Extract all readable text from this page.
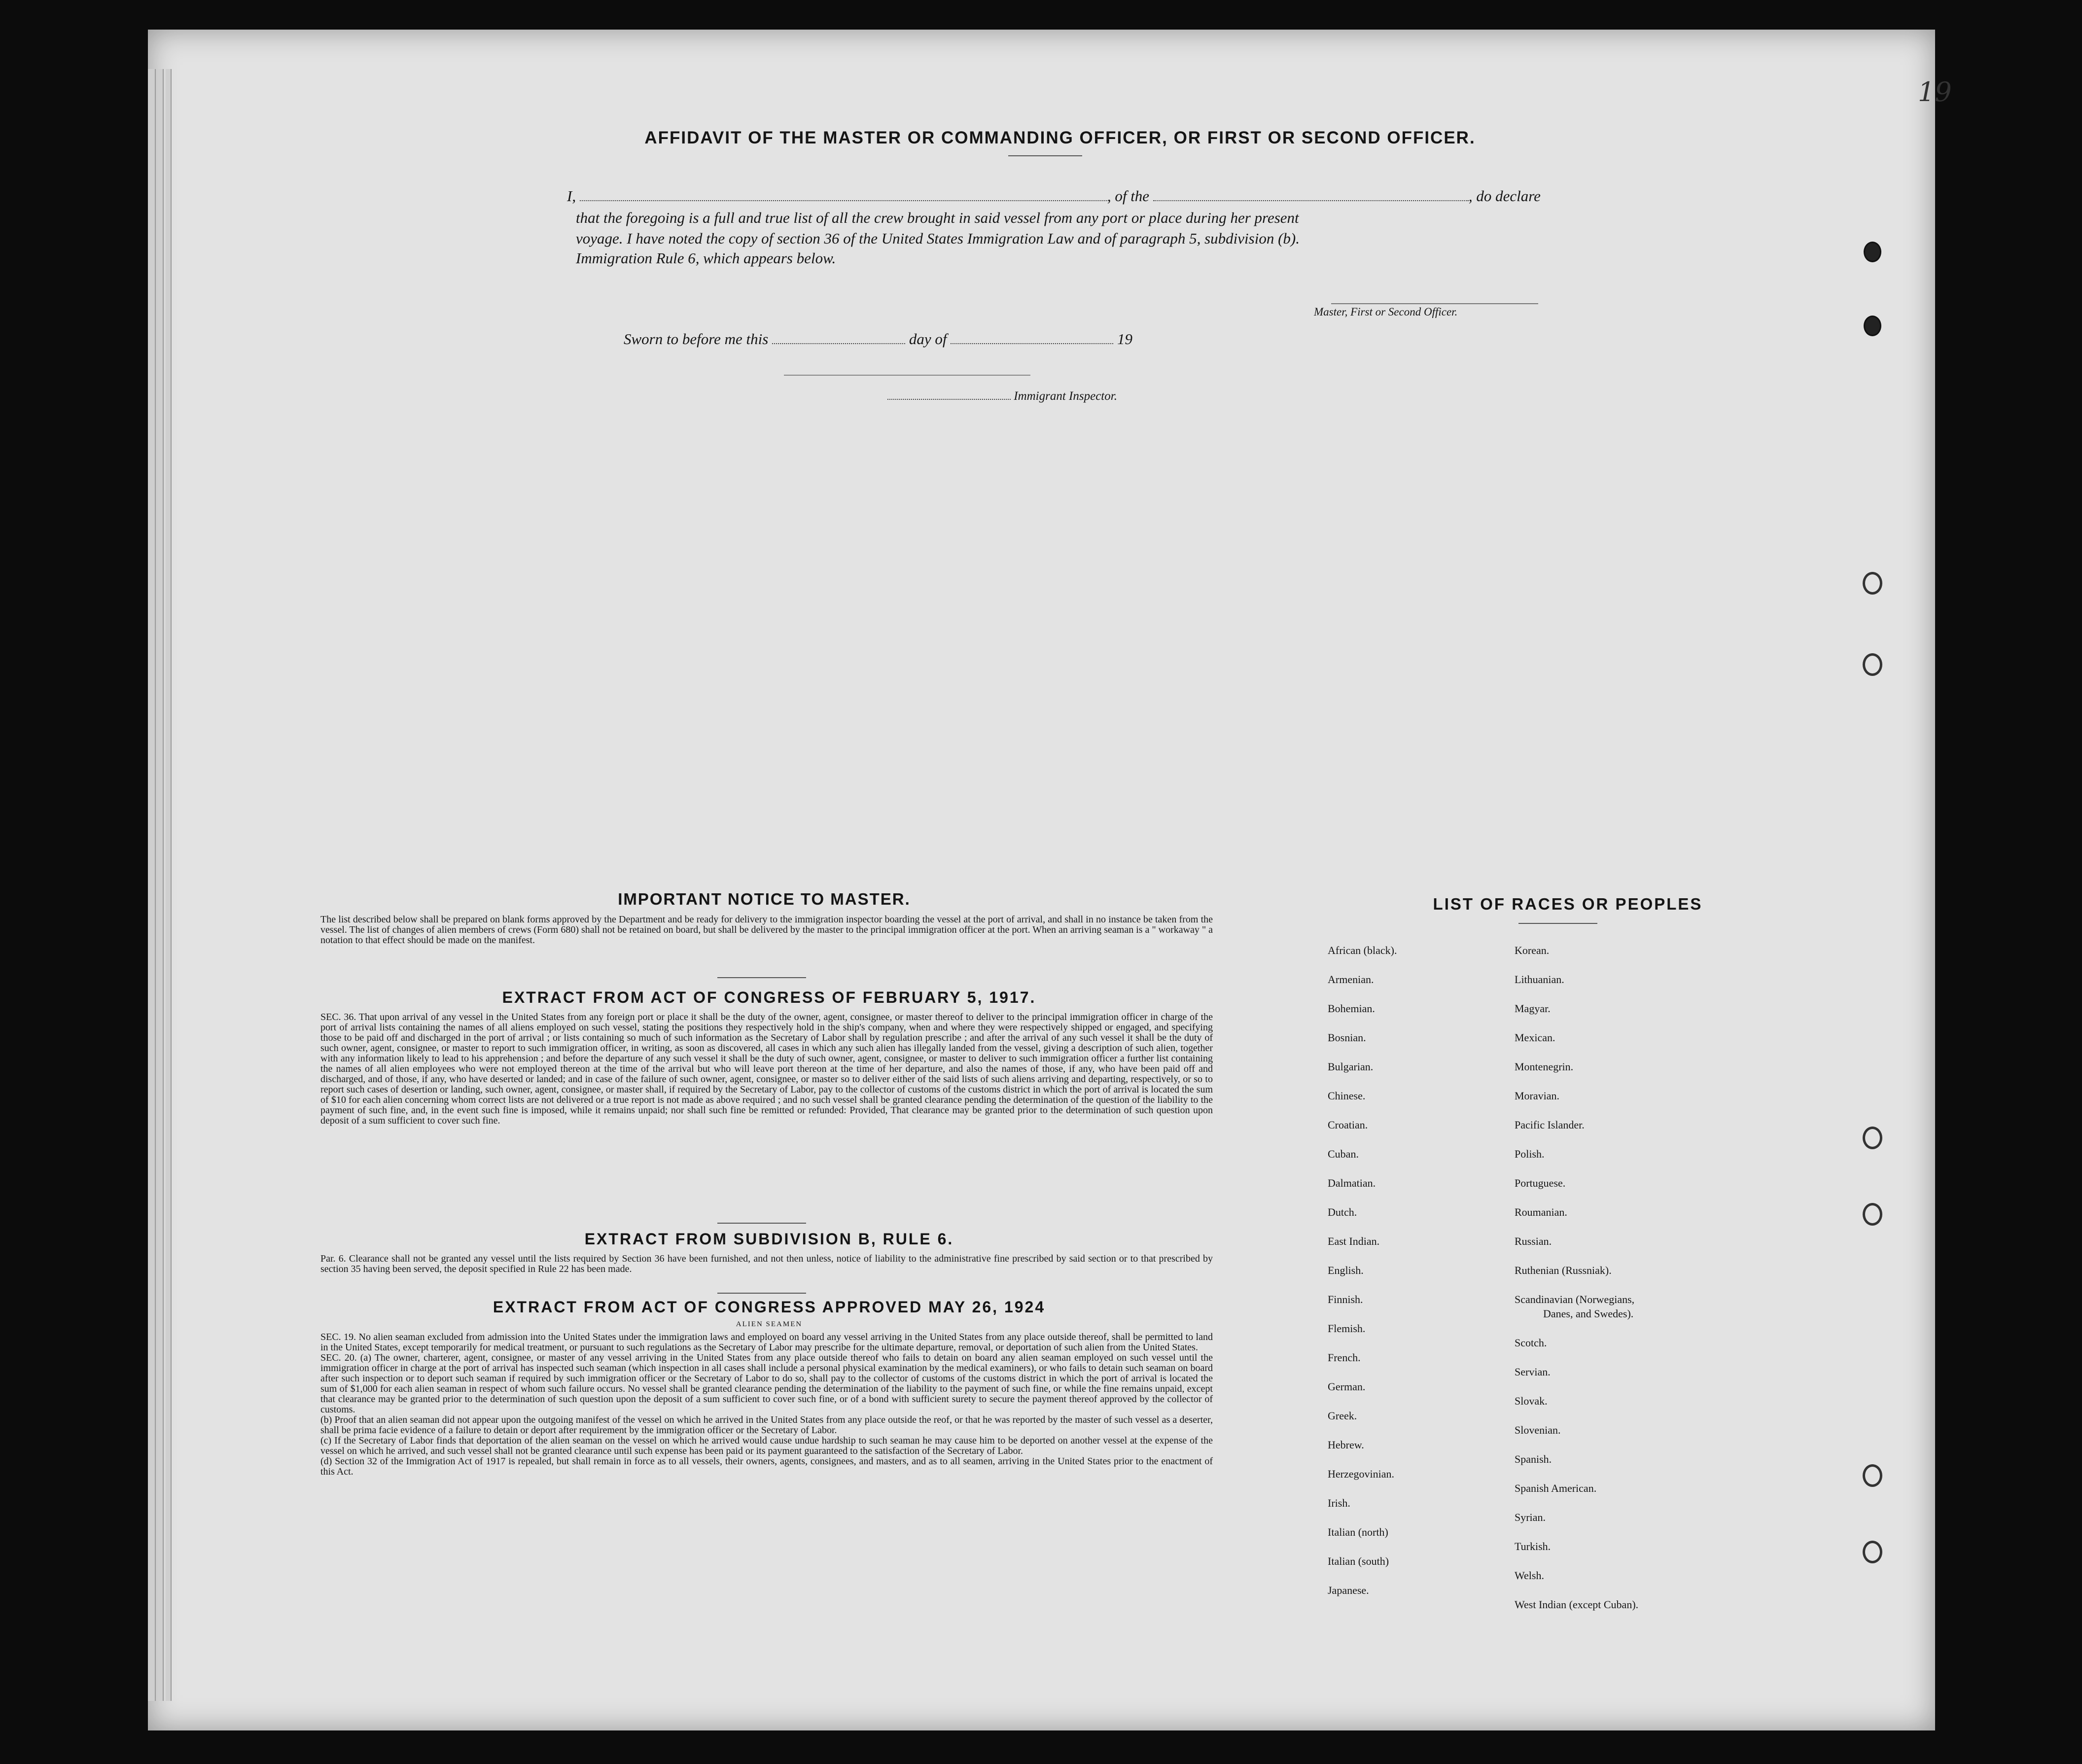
19
AFFIDAVIT OF THE MASTER OR COMMANDING OFFICER, OR FIRST OR SECOND OFFICER.
I,	, of the	, do declare
that the foregoing is a full and true list of all the crew brought in said vessel from any port or place during her present
voyage. I have noted the copy of section 36 of the United States Immigration Law and of paragraph 5, subdivision (b).
Immigration Rule 6, which appears below.
Master, First or Second Officer.
Sworn to before me this	day of	19
Immigrant Inspector.
IMPORTANT NOTICE TO MASTER.
The list described below shall be prepared on blank forms approved by the Department and be ready for delivery to the immigration inspector boarding the vessel at the port of arrival, and shall in no instance be taken from the vessel. The list of changes of alien members of crews (Form 680) shall not be retained on board, but shall be delivered by the master to the principal immigration officer at the port. When an arriving seaman is a " workaway " a notation to that effect should be made on the manifest.
EXTRACT FROM ACT OF CONGRESS OF FEBRUARY 5, 1917.
SEC. 36. That upon arrival of any vessel in the United States from any foreign port or place it shall be the duty of the owner, agent, consignee, or master thereof to deliver to the principal immigration officer in charge of the port of arrival lists containing the names of all aliens employed on such vessel, stating the positions they respectively hold in the ship's company, when and where they were respectively shipped or engaged, and specifying those to be paid off and discharged in the port of arrival ; or lists containing so much of such information as the Secretary of Labor shall by regulation prescribe ; and after the arrival of any such vessel it shall be the duty of such owner, agent, consignee, or master to report to such immigration officer, in writing, as soon as discovered, all cases in which any such alien has illegally landed from the vessel, giving a description of such alien, together with any information likely to lead to his apprehension ; and before the departure of any such vessel it shall be the duty of such owner, agent, consignee, or master to deliver to such immigration officer a further list containing the names of all alien employees who were not employed thereon at the time of the arrival but who will leave port thereon at the time of her departure, and also the names of those, if any, who have been paid off and discharged, and of those, if any, who have deserted or landed; and in case of the failure of such owner, agent, consignee, or master so to deliver either of the said lists of such aliens arriving and departing, respectively, or so to report such cases of desertion or landing, such owner, agent, consignee, or master shall, if required by the Secretary of Labor, pay to the collector of customs of the customs district in which the port of arrival is located the sum of $10 for each alien concerning whom correct lists are not delivered or a true report is not made as above required ; and no such vessel shall be granted clearance pending the determination of the question of the liability to the payment of such fine, and, in the event such fine is imposed, while it remains unpaid; nor shall such fine be remitted or refunded: Provided, That clearance may be granted prior to the determination of such question upon deposit of a sum sufficient to cover such fine.
EXTRACT FROM SUBDIVISION B, RULE 6.
Par. 6. Clearance shall not be granted any vessel until the lists required by Section 36 have been furnished, and not then unless, notice of liability to the administrative fine prescribed by said section or to that prescribed by section 35 having been served, the deposit specified in Rule 22 has been made.
EXTRACT FROM ACT OF CONGRESS APPROVED MAY 26, 1924
ALIEN SEAMEN

SEC. 19. No alien seaman excluded from admission into the United States under the immigration laws and employed on board any vessel arriving in the United States from any place outside thereof, shall be permitted to land in the United States, except temporarily for medical treatment, or pursuant to such regulations as the Secretary of Labor may prescribe for the ultimate departure, removal, or deportation of such alien from the United States.

SEC. 20. (a) The owner, charterer, agent, consignee, or master of any vessel arriving in the United States from any place outside thereof who fails to detain on board any alien seaman employed on such vessel until the immigration officer in charge at the port of arrival has inspected such seaman (which inspection in all cases shall include a personal physical examination by the medical examiners), or who fails to detain such seaman on board after such inspection or to deport such seaman if required by such immigration officer or the Secretary of Labor to do so, shall pay to the collector of customs of the customs district in which the port of arrival is located the sum of $1,000 for each alien seaman in respect of whom such failure occurs. No vessel shall be granted clearance pending the determination of the liability to the payment of such fine, or while the fine remains unpaid, except that clearance may be granted prior to the determination of such question upon the deposit of a sum sufficient to cover such fine, or of a bond with sufficient surety to secure the payment thereof approved by the collector of customs.

(b) Proof that an alien seaman did not appear upon the outgoing manifest of the vessel on which he arrived in the United States from any place outside the reof, or that he was reported by the master of such vessel as a deserter, shall be prima facie evidence of a failure to detain or deport after requirement by the immigration officer or the Secretary of Labor.

(c) If the Secretary of Labor finds that deportation of the alien seaman on the vessel on which he arrived would cause undue hardship to such seaman he may cause him to be deported on another vessel at the expense of the vessel on which he arrived, and such vessel shall not be granted clearance until such expense has been paid or its payment guaranteed to the satisfaction of the Secretary of Labor.

(d) Section 32 of the Immigration Act of 1917 is repealed, but shall remain in force as to all vessels, their owners, agents, consignees, and masters, and as to all seamen, arriving in the United States prior to the enactment of this Act.

LIST OF RACES OR PEOPLES
African (black).
Armenian.
Bohemian.
Bosnian.
Bulgarian.
Chinese.
Croatian.
Cuban.
Dalmatian.
Dutch.
East Indian.
English.
Finnish.
Flemish.
French.
German.
Greek.
Hebrew.
Herzegovinian.
Irish.
Italian (north)
Italian (south)
Japanese.
Korean.
Lithuanian.
Magyar.
Mexican.
Montenegrin.
Moravian.
Pacific Islander.
Polish.
Portuguese.
Roumanian.
Russian.
Ruthenian (Russniak).
Scandinavian (Norwegians,
Danes, and Swedes).
Scotch.
Servian.
Slovak.
Slovenian.
Spanish.
Spanish American.
Syrian.
Turkish.
Welsh.
West Indian (except Cuban).
